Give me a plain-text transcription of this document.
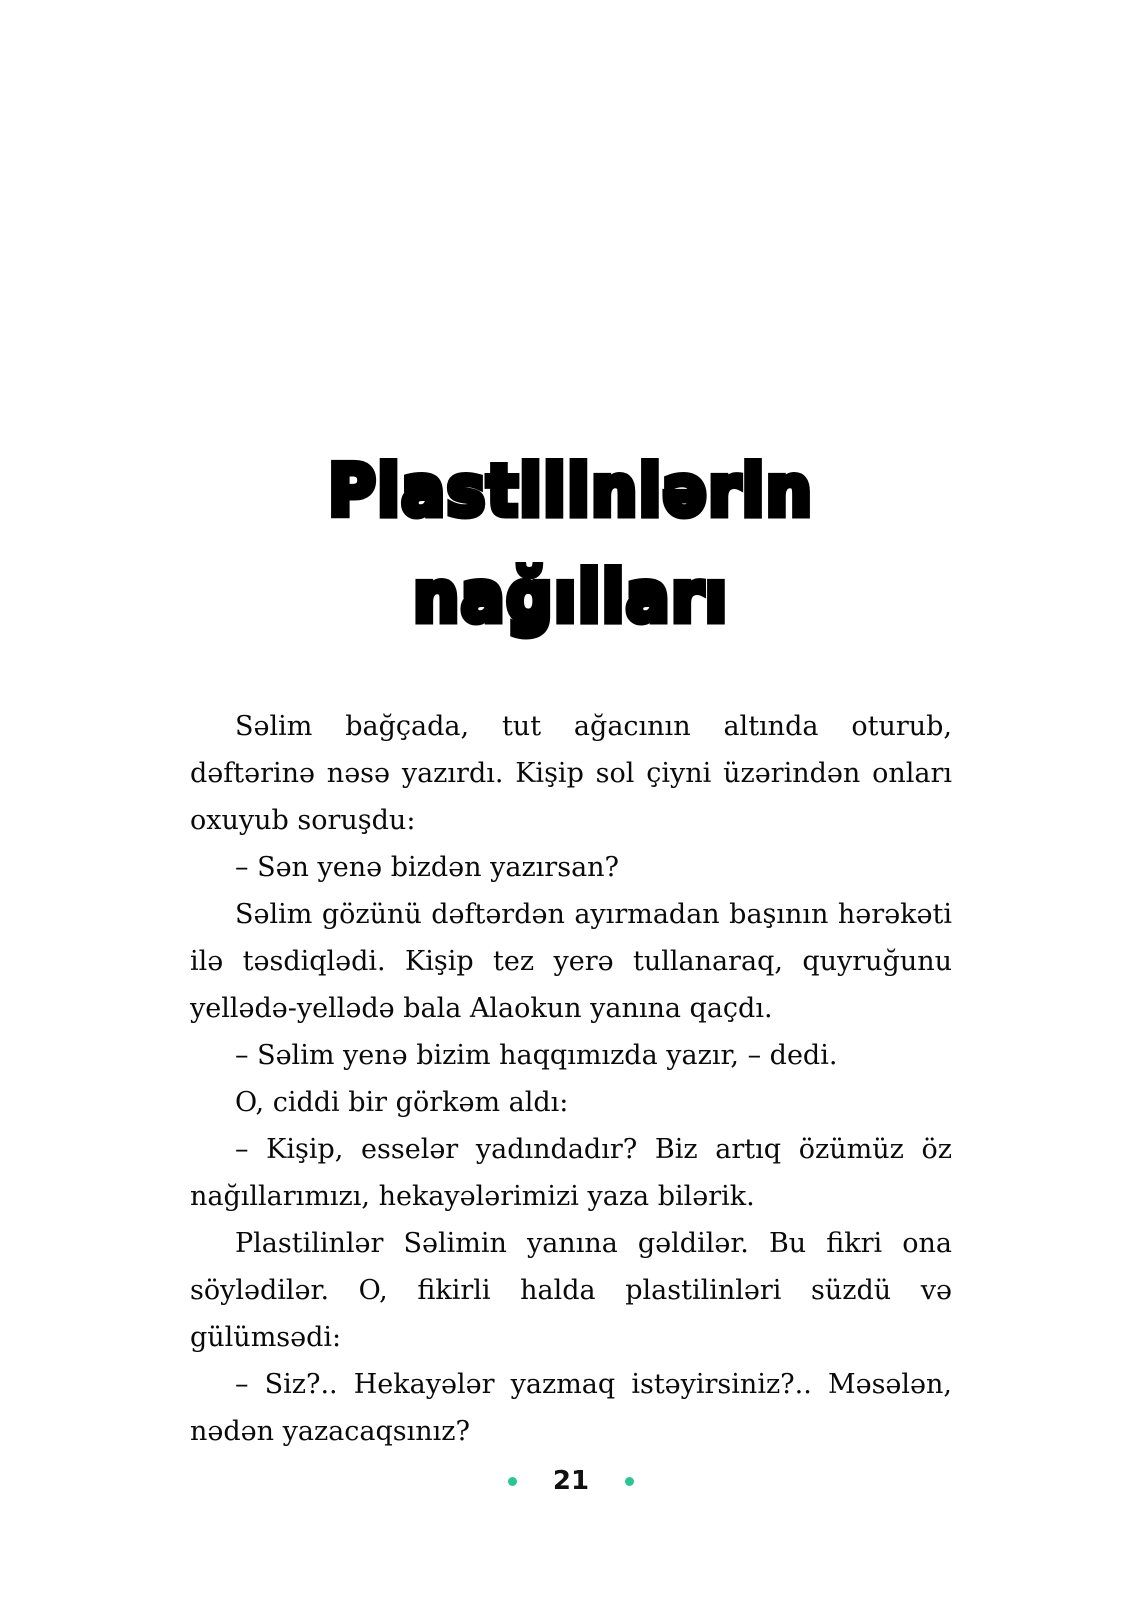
Plastilinlərin
nağılları

Səlim bağçada, tut ağacının altında oturub, dəftərinə nəsə yazırdı. Kişip sol çiyni üzərindən onları oxuyub soruşdu:

– Sən yenə bizdən yazırsan?

Səlim gözünü dəftərdən ayırmadan başının hərəkəti ilə təsdiqlədi. Kişip tez yerə tullanaraq, quyruğunu yellədə-yellədə bala Alaokun yanına qaçdı.

– Səlim yenə bizim haqqımızda yazır, – dedi.

O, ciddi bir görkəm aldı:

– Kişip, esselər yadındadır? Biz artıq özümüz öz nağıllarımızı, hekayələrimizi yaza bilərik.

Plastilinlər Səlimin yanına gəldilər. Bu fikri ona söylədilər. O, fikirli halda plastilinləri süzdü və gülümsədi:

– Siz?.. Hekayələr yazmaq istəyirsiniz?.. Məsələn, nədən yazacaqsınız?

21
